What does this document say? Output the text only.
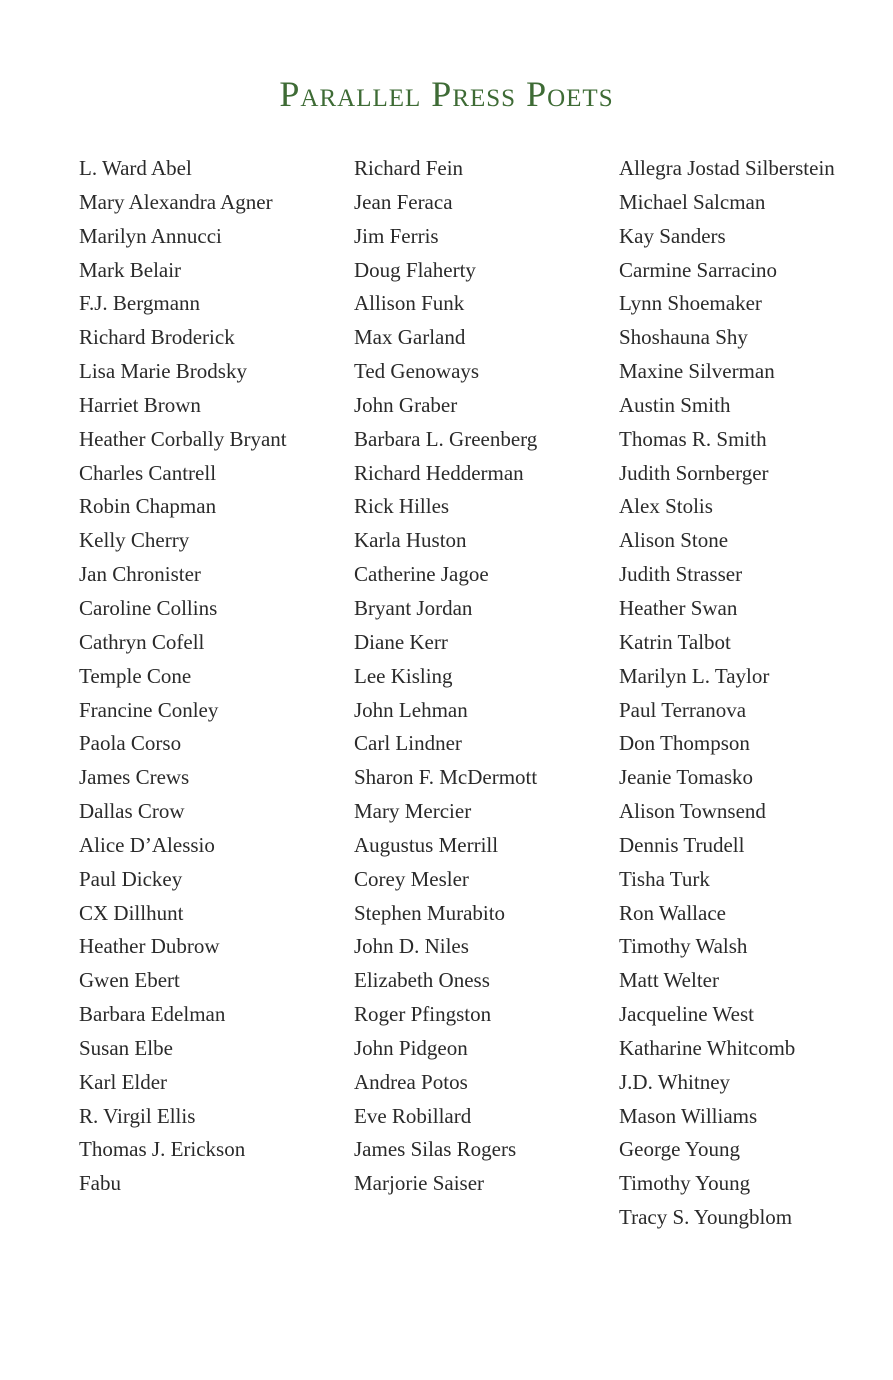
Parallel Press Poets
L. Ward Abel
Mary Alexandra Agner
Marilyn Annucci
Mark Belair
F.J. Bergmann
Richard Broderick
Lisa Marie Brodsky
Harriet Brown
Heather Corbally Bryant
Charles Cantrell
Robin Chapman
Kelly Cherry
Jan Chronister
Caroline Collins
Cathryn Cofell
Temple Cone
Francine Conley
Paola Corso
James Crews
Dallas Crow
Alice D’Alessio
Paul Dickey
CX Dillhunt
Heather Dubrow
Gwen Ebert
Barbara Edelman
Susan Elbe
Karl Elder
R. Virgil Ellis
Thomas J. Erickson
Fabu
Richard Fein
Jean Feraca
Jim Ferris
Doug Flaherty
Allison Funk
Max Garland
Ted Genoways
John Graber
Barbara L. Greenberg
Richard Hedderman
Rick Hilles
Karla Huston
Catherine Jagoe
Bryant Jordan
Diane Kerr
Lee Kisling
John Lehman
Carl Lindner
Sharon F. McDermott
Mary Mercier
Augustus Merrill
Corey Mesler
Stephen Murabito
John D. Niles
Elizabeth Oness
Roger Pfingston
John Pidgeon
Andrea Potos
Eve Robillard
James Silas Rogers
Marjorie Saiser
Allegra Jostad Silberstein
Michael Salcman
Kay Sanders
Carmine Sarracino
Lynn Shoemaker
Shoshauna Shy
Maxine Silverman
Austin Smith
Thomas R. Smith
Judith Sornberger
Alex Stolis
Alison Stone
Judith Strasser
Heather Swan
Katrin Talbot
Marilyn L. Taylor
Paul Terranova
Don Thompson
Jeanie Tomasko
Alison Townsend
Dennis Trudell
Tisha Turk
Ron Wallace
Timothy Walsh
Matt Welter
Jacqueline West
Katharine Whitcomb
J.D. Whitney
Mason Williams
George Young
Timothy Young
Tracy S. Youngblom
